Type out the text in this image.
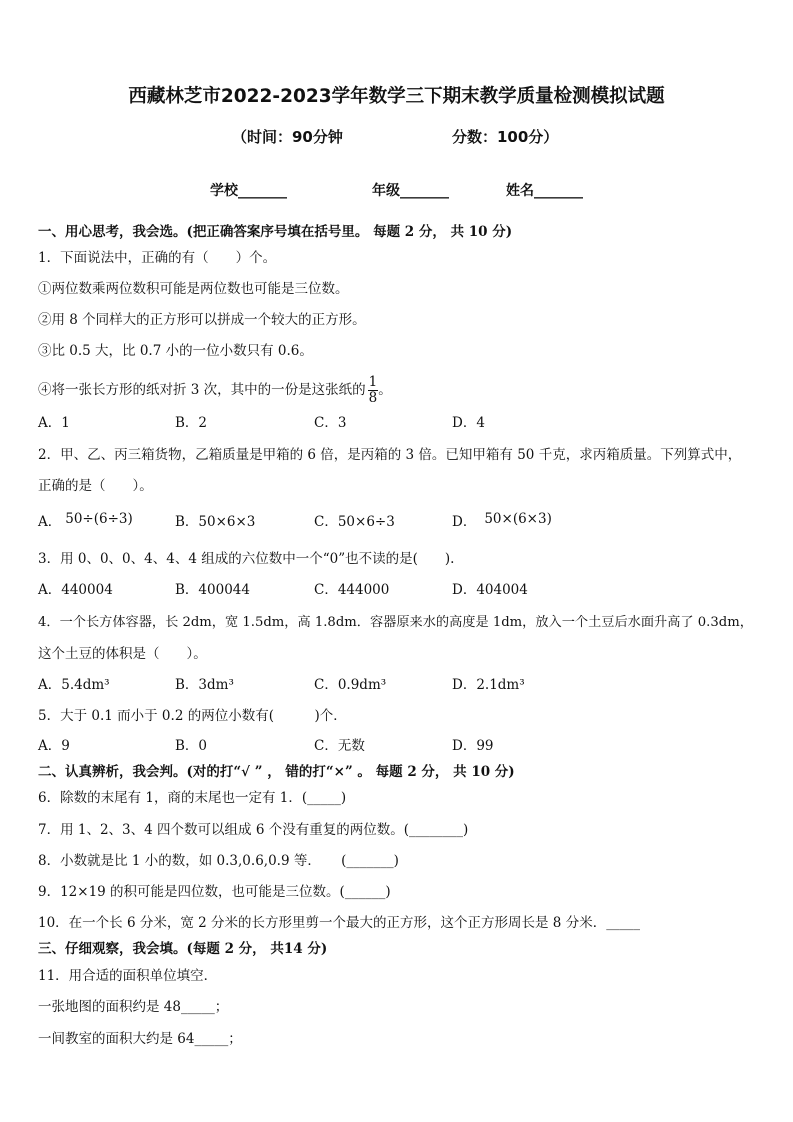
西藏林芝市2022-2023学年数学三下期末教学质量检测模拟试题
（时间：90分钟	分数：100分）
学校_______	年级_______	姓名_______
一、用心思考，我会选。(把正确答案序号填在括号里。 每题 2 分， 共 10 分)
1．下面说法中，正确的有（　　）个。
①两位数乘两位数积可能是两位数也可能是三位数。
②用 8 个同样大的正方形可以拼成一个较大的正方形。
③比 0.5 大，比 0.7 小的一位小数只有 0.6。
④将一张长方形的纸对折 3 次，其中的一份是这张纸的 $\frac{1}{8}$ 。
A．1	B．2	C．3	D．4
2．甲、乙、丙三箱货物，乙箱质量是甲箱的 6 倍，是丙箱的 3 倍。已知甲箱有 50 千克，求丙箱质量。下列算式中，
正确的是（　　）。
A． 50÷(6÷3)	B．50×6×3	C．50×6÷3	D． 50×(6×3)
3．用 0、0、0、4、4、4 组成的六位数中一个“0”也不读的是(　　).
A．440004	B．400044	C．444000	D．404004
4．一个长方体容器，长 2dm，宽 1.5dm，高 1.8dm．容器原来水的高度是 1dm，放入一个土豆后水面升高了 0.3dm，
这个土豆的体积是（　　）。
A．5.4dm³	B．3dm³	C．0.9dm³	D．2.1dm³
5．大于 0.1 而小于 0.2 的两位小数有(　　　)个．
A．9	B．0	C．无数	D．99
二、认真辨析，我会判。(对的打“√ ” ， 错的打“×” 。 每题 2 分， 共 10 分)
6．除数的末尾有 1，商的末尾也一定有 1．(_____)
7．用 1、2、3、4 四个数可以组成 6 个没有重复的两位数。(________)
8．小数就是比 1 小的数，如 0.3,0.6,0.9 等．　　(_______)
9．12×19 的积可能是四位数，也可能是三位数。(______)
10．在一个长 6 分米，宽 2 分米的长方形里剪一个最大的正方形，这个正方形周长是 8 分米．_____
三、仔细观察，我会填。(每题 2 分， 共14 分)
11．用合适的面积单位填空．
一张地图的面积约是 48_____；
一间教室的面积大约是 64_____；
